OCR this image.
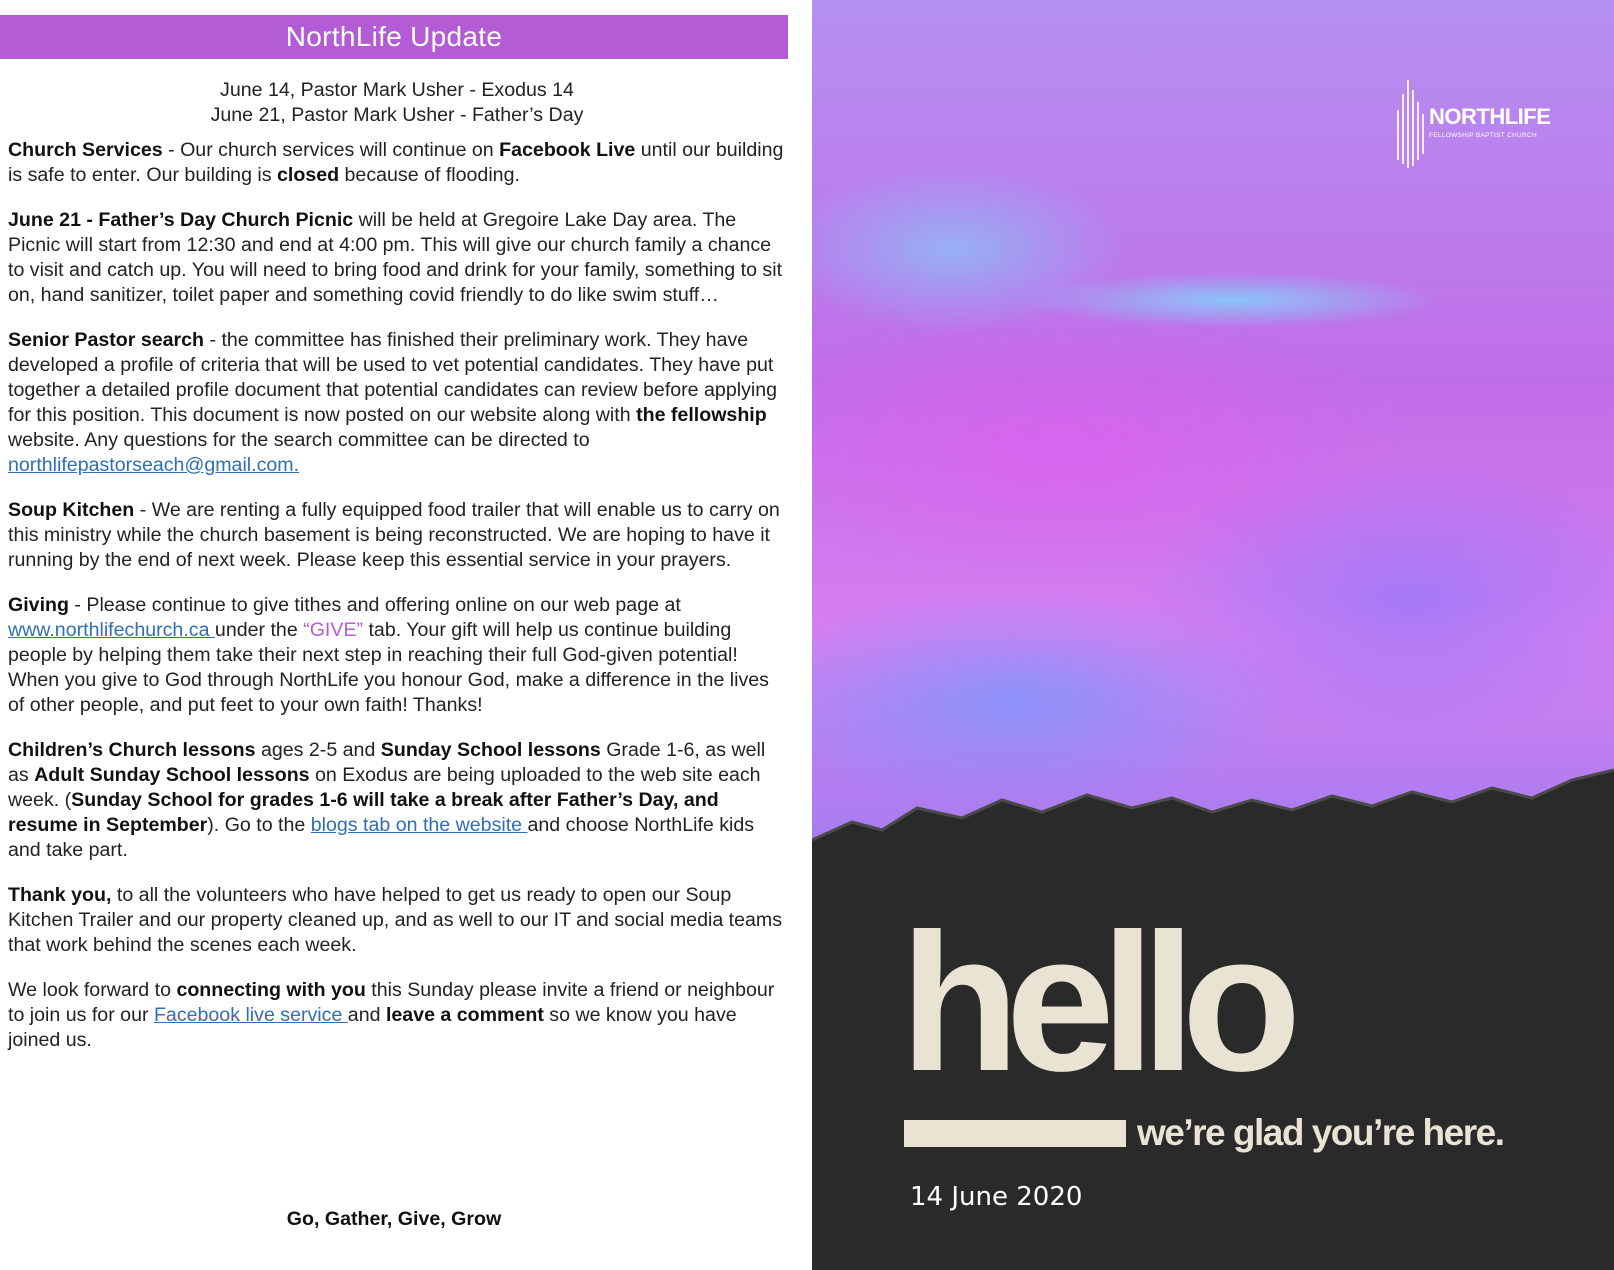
NorthLife Update
June 14, Pastor Mark Usher - Exodus 14
June 21, Pastor Mark Usher - Father’s Day

Church Services - Our church services will continue on Facebook Live until our building is safe to enter. Our building is closed because of flooding.

June 21 - Father’s Day Church Picnic will be held at Gregoire Lake Day area. The Picnic will start from 12:30 and end at 4:00 pm. This will give our church family a chance to visit and catch up. You will need to bring food and drink for your family, something to sit on, hand sanitizer, toilet paper and something covid friendly to do like swim stuff…

Senior Pastor search - the committee has finished their preliminary work. They have developed a profile of criteria that will be used to vet potential candidates. They have put together a detailed profile document that potential candidates can review before applying for this position. This document is now posted on our website along with the fellowship website. Any questions for the search committee can be directed to northlifepastorseach@gmail.com.

Soup Kitchen - We are renting a fully equipped food trailer that will enable us to carry on this ministry while the church basement is being reconstructed. We are hoping to have it running by the end of next week. Please keep this essential service in your prayers.

Giving - Please continue to give tithes and offering online on our web page at www.northlifechurch.ca under the “GIVE” tab. Your gift will help us continue building people by helping them take their next step in reaching their full God-given potential! When you give to God through NorthLife you honour God, make a difference in the lives of other people, and put feet to your own faith! Thanks!

Children’s Church lessons ages 2-5 and Sunday School lessons Grade 1-6, as well as Adult Sunday School lessons on Exodus are being uploaded to the web site each week. (Sunday School for grades 1-6 will take a break after Father’s Day, and resume in September). Go to the blogs tab on the website and choose NorthLife kids and take part.

Thank you, to all the volunteers who have helped to get us ready to open our Soup Kitchen Trailer and our property cleaned up, and as well to our IT and social media teams that work behind the scenes each week.

We look forward to connecting with you this Sunday please invite a friend or neighbour to join us for our Facebook live service and leave a comment so we know you have joined us.

Go, Gather, Give, Grow
NORTHLIFE
FELLOWSHIP BAPTIST CHURCH
hello
we’re glad you’re here.
14 June 2020
